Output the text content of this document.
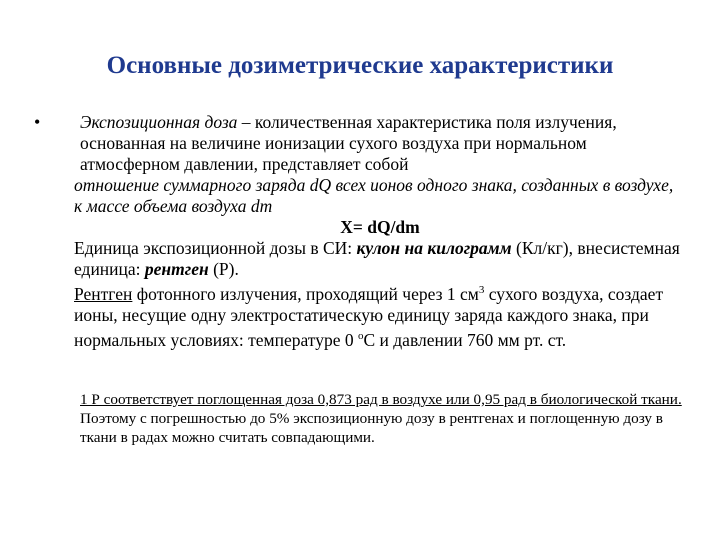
Основные дозиметрические характеристики
• Экспозиционная доза – количественная характеристика поля излучения, основанная на величине ионизации сухого воздуха при нормальном атмосферном давлении, представляет собой
отношение суммарного заряда dQ всех ионов одного знака, созданных в воздухе, к массе объема воздуха dm
X= dQ/dm
Единица экспозиционной дозы в СИ: кулон на килограмм (Кл/кг), внесистемная единица: рентген (Р).
Рентген фотонного излучения, проходящий через 1 $см^3$ сухого воздуха, создает ионы, несущие одну электростатическую единицу заряда каждого знака, при нормальных условиях: температуре 0 $^о$С и давлении 760 мм рт. ст.
1 Р соответствует поглощенная доза 0,873 рад в воздухе или 0,95 рад в биологической ткани. Поэтому с погрешностью до 5% экспозиционную дозу в рентгенах и поглощенную дозу в ткани в радах можно считать совпадающими.
